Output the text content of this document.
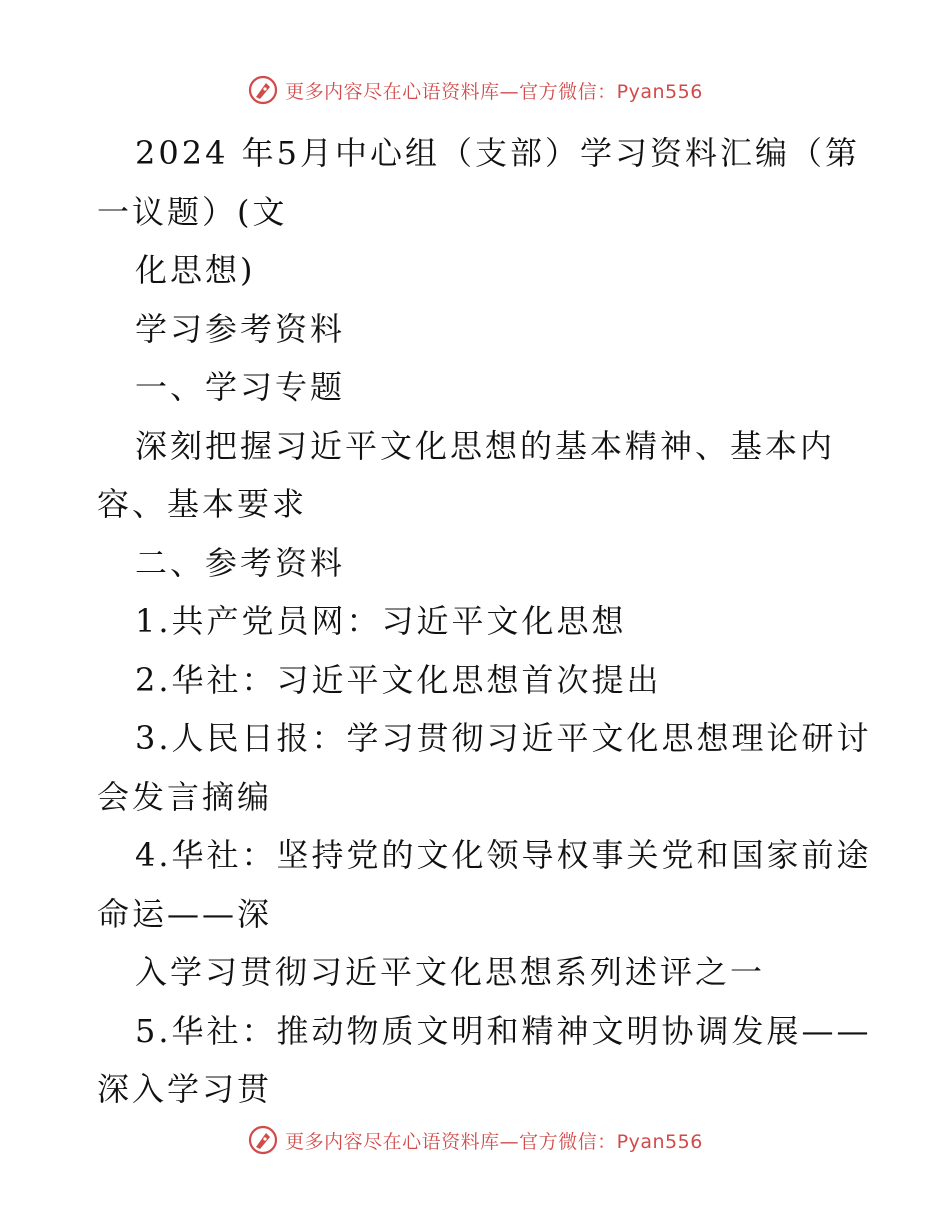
更多内容尽在心语资料库—官方微信：Pyan556
2024 年5月中心组（支部）学习资料汇编（第
一议题）(文
化思想)
学习参考资料
一、学习专题
深刻把握习近平文化思想的基本精神、基本内
容、基本要求
二、参考资料
1.共产党员网：习近平文化思想
2.华社：习近平文化思想首次提出
3.人民日报：学习贯彻习近平文化思想理论研讨
会发言摘编
4.华社：坚持党的文化领导权事关党和国家前途
命运——深
入学习贯彻习近平文化思想系列述评之一
5.华社：推动物质文明和精神文明协调发展——
深入学习贯
更多内容尽在心语资料库—官方微信：Pyan556
